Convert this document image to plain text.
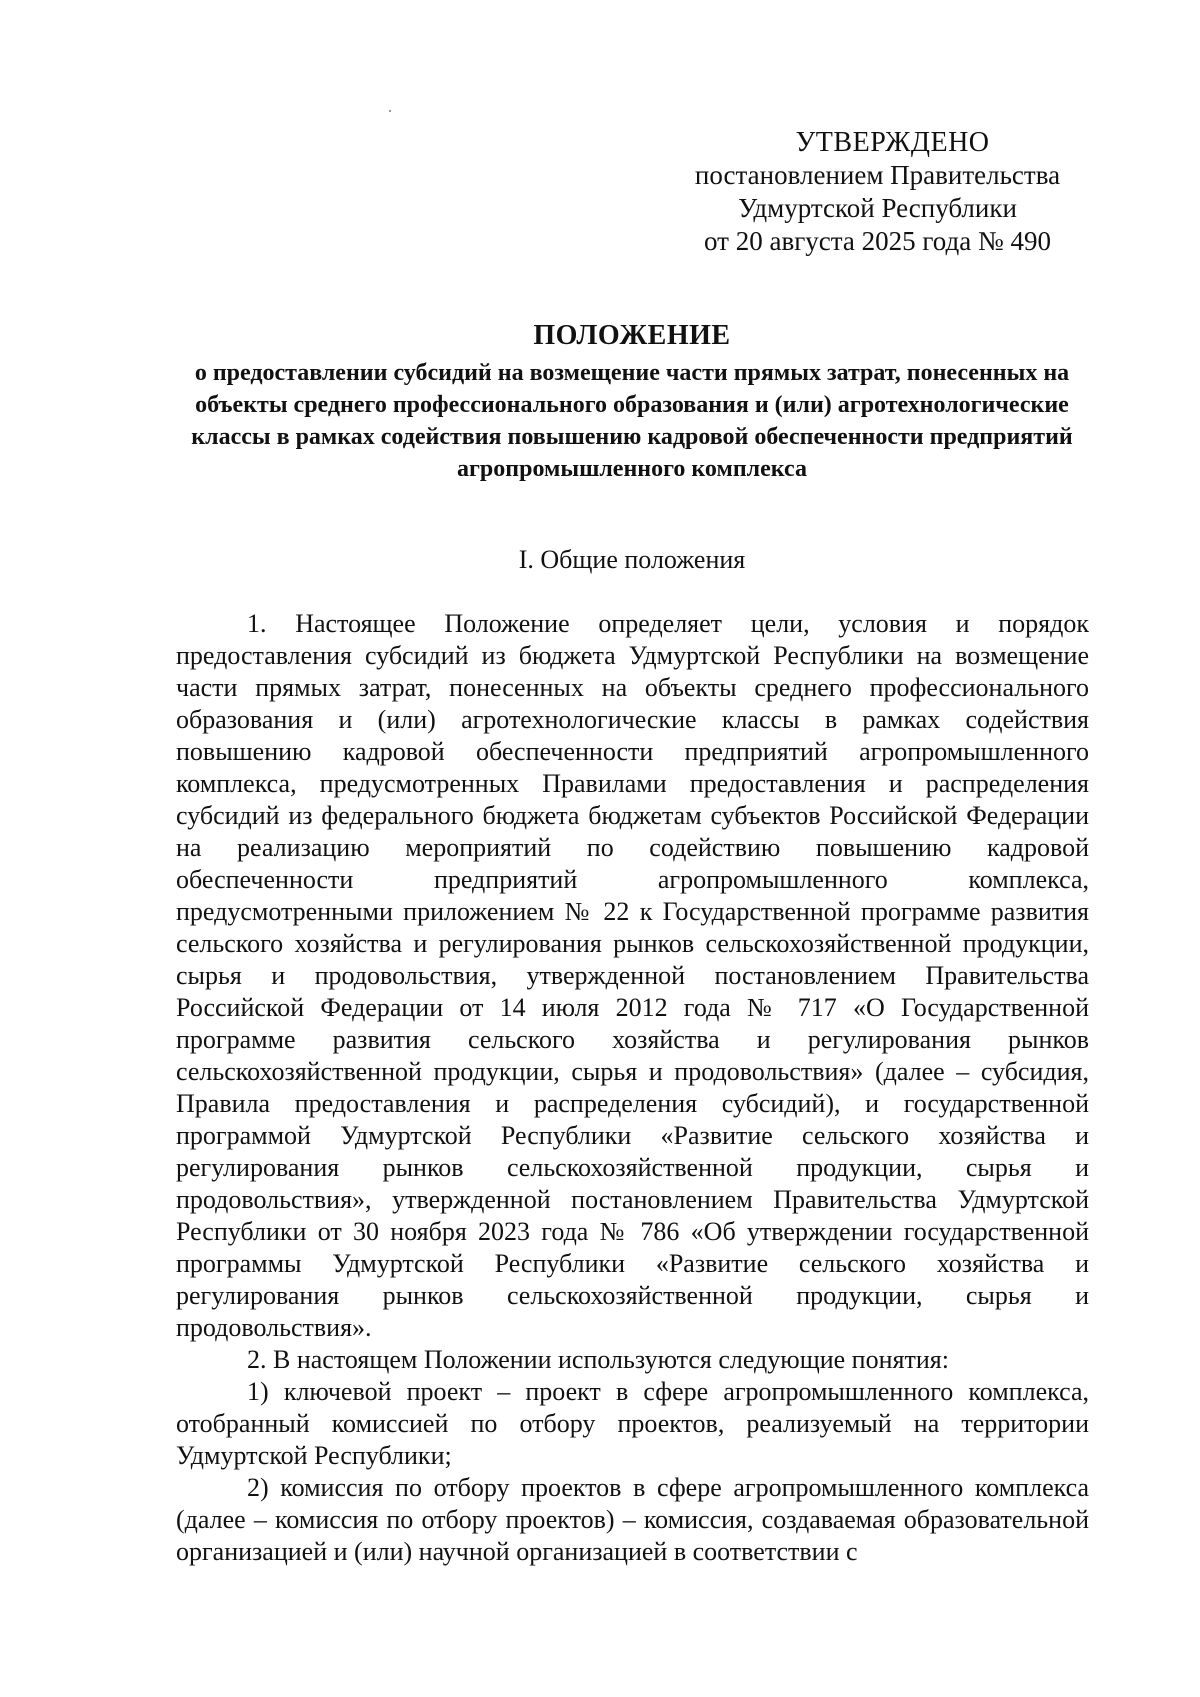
УТВЕРЖДЕНО
постановлением Правительства
Удмуртской Республики
от 20 августа 2025 года № 490
ПОЛОЖЕНИЕ
о предоставлении субсидий на возмещение части прямых затрат, понесенных на объекты среднего профессионального образования и (или) агротехнологические классы в рамках содействия повышению кадровой обеспеченности предприятий агропромышленного комплекса
I. Общие положения

1. Настоящее Положение определяет цели, условия и порядок предоставления субсидий из бюджета Удмуртской Республики на возмещение части прямых затрат, понесенных на объекты среднего профессионального образования и (или) агротехнологические классы в рамках содействия повышению кадровой обеспеченности предприятий агропромышленного комплекса, предусмотренных Правилами предоставления и распределения субсидий из федерального бюджета бюджетам субъектов Российской Федерации на реализацию мероприятий по содействию повышению кадровой обеспеченности предприятий агропромышленного комплекса, предусмотренными приложением № 22 к Государственной программе развития сельского хозяйства и регулирования рынков сельскохозяйственной продукции, сырья и продовольствия, утвержденной постановлением Правительства Российской Федерации от 14 июля 2012 года № 717 «О Государственной программе развития сельского хозяйства и регулирования рынков сельскохозяйственной продукции, сырья и продовольствия» (далее – субсидия, Правила предоставления и распределения субсидий), и государственной программой Удмуртской Республики «Развитие сельского хозяйства и регулирования рынков сельскохозяйственной продукции, сырья и продовольствия», утвержденной постановлением Правительства Удмуртской Республики от 30 ноября 2023 года № 786 «Об утверждении государственной программы Удмуртской Республики «Развитие сельского хозяйства и регулирования рынков сельскохозяйственной продукции, сырья и продовольствия».

2. В настоящем Положении используются следующие понятия:

1) ключевой проект – проект в сфере агропромышленного комплекса, отобранный комиссией по отбору проектов, реализуемый на территории Удмуртской Республики;

2) комиссия по отбору проектов в сфере агропромышленного комплекса (далее – комиссия по отбору проектов) – комиссия, создаваемая образовательной организацией и (или) научной организацией в соответствии с
